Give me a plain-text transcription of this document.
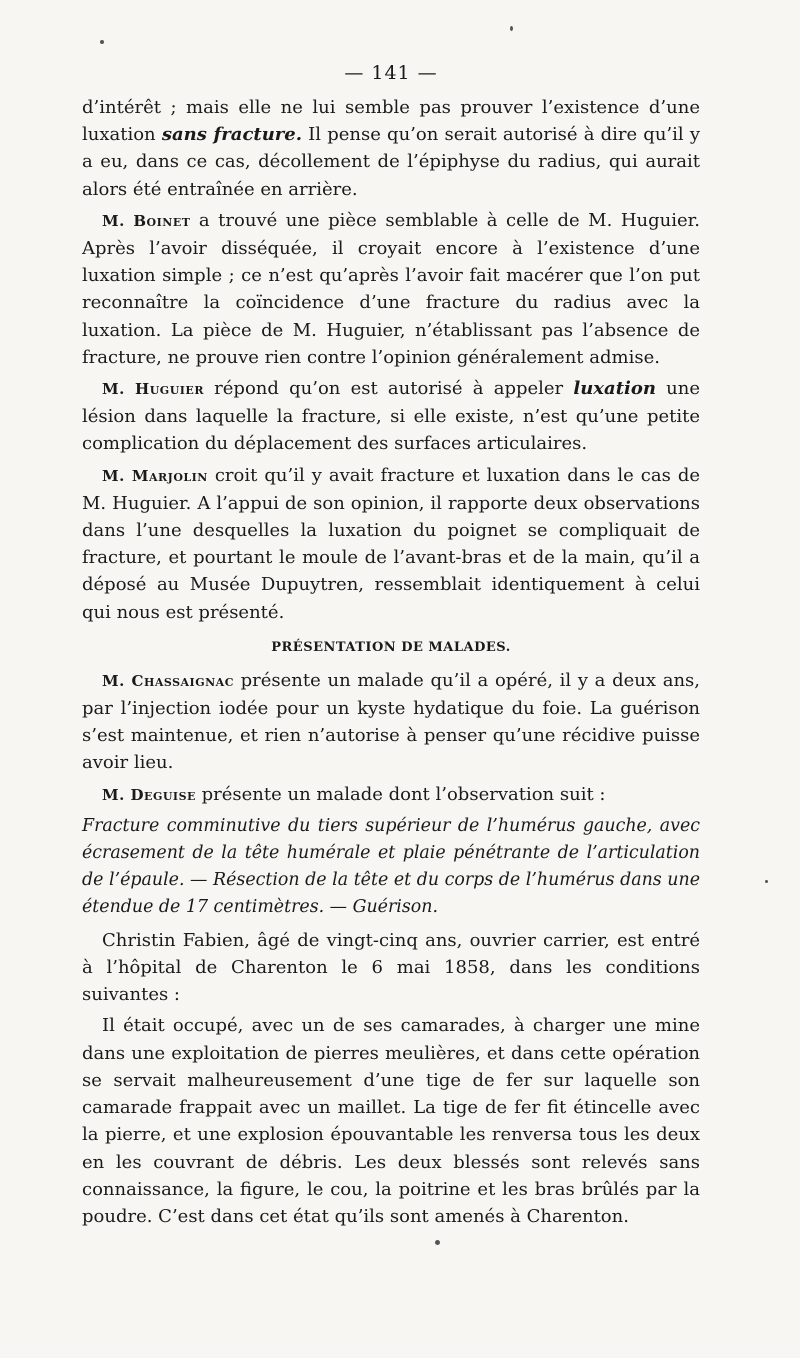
— 141 —

d’intérêt ; mais elle ne lui semble pas prouver l’existence d’une luxation sans fracture. Il pense qu’on serait autorisé à dire qu’il y a eu, dans ce cas, décollement de l’épiphyse du radius, qui aurait alors été entraînée en arrière.

M. Boinet a trouvé une pièce semblable à celle de M. Huguier. Après l’avoir disséquée, il croyait encore à l’existence d’une luxation simple ; ce n’est qu’après l’avoir fait macérer que l’on put reconnaître la coïncidence d’une fracture du radius avec la luxation. La pièce de M. Huguier, n’établissant pas l’absence de fracture, ne prouve rien contre l’opinion généralement admise.

M. Huguier répond qu’on est autorisé à appeler luxation une lésion dans laquelle la fracture, si elle existe, n’est qu’une petite complication du déplacement des surfaces articulaires.

M. Marjolin croit qu’il y avait fracture et luxation dans le cas de M. Huguier. A l’appui de son opinion, il rapporte deux observations dans l’une desquelles la luxation du poignet se compliquait de fracture, et pourtant le moule de l’avant-bras et de la main, qu’il a déposé au Musée Dupuytren, ressemblait identiquement à celui qui nous est présenté.

PRÉSENTATION DE MALADES.

M. Chassaignac présente un malade qu’il a opéré, il y a deux ans, par l’injection iodée pour un kyste hydatique du foie. La guérison s’est maintenue, et rien n’autorise à penser qu’une récidive puisse avoir lieu.

M. Deguise présente un malade dont l’observation suit :

Fracture comminutive du tiers supérieur de l’humérus gauche, avec écrasement de la tête humérale et plaie pénétrante de l’articulation de l’épaule. — Résection de la tête et du corps de l’humérus dans une étendue de 17 centimètres. — Guérison.

Christin Fabien, âgé de vingt-cinq ans, ouvrier carrier, est entré à l’hôpital de Charenton le 6 mai 1858, dans les conditions suivantes :

Il était occupé, avec un de ses camarades, à charger une mine dans une exploitation de pierres meulières, et dans cette opération se servait malheureusement d’une tige de fer sur laquelle son camarade frappait avec un maillet. La tige de fer fit étincelle avec la pierre, et une explosion épouvantable les renversa tous les deux en les couvrant de débris. Les deux blessés sont relevés sans connaissance, la figure, le cou, la poitrine et les bras brûlés par la poudre. C’est dans cet état qu’ils sont amenés à Charenton.
